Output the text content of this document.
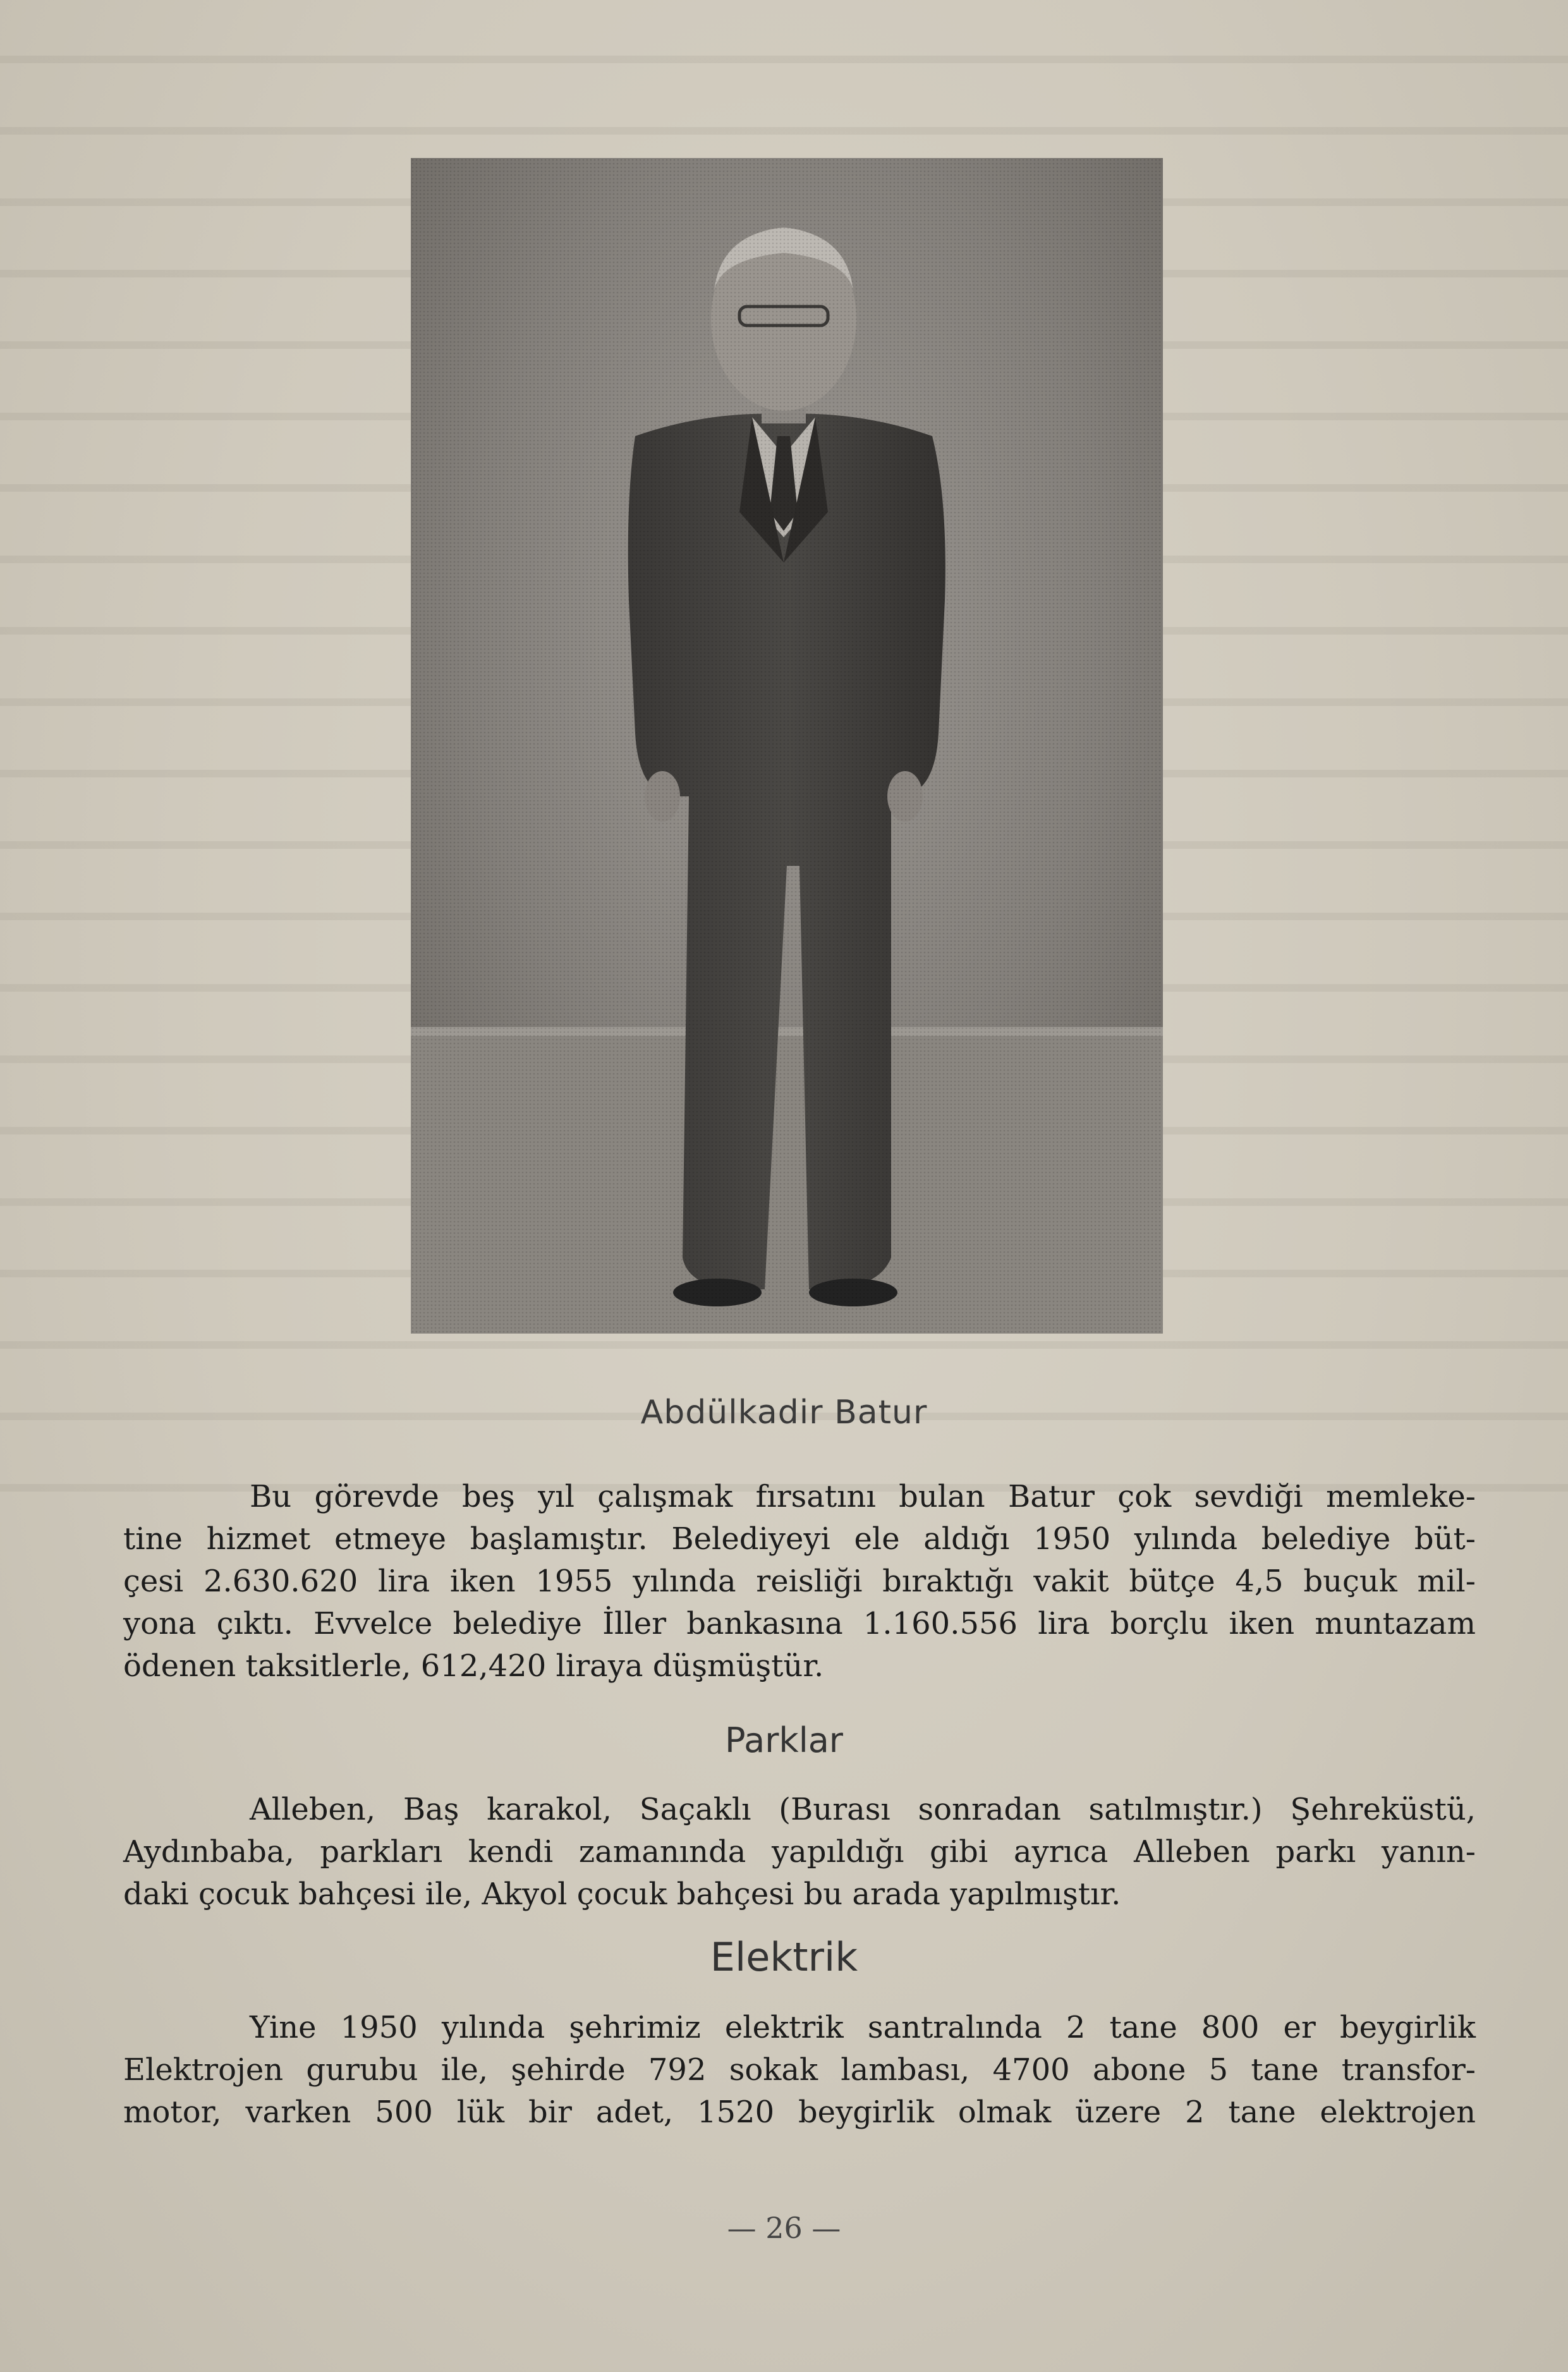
Abdülkadir Batur
Bu görevde beş yıl çalışmak fırsatını bulan Batur çok sevdiği memleke-
tine hizmet etmeye başlamıştır. Belediyeyi ele aldığı 1950 yılında belediye büt-
çesi 2.630.620 lira iken 1955 yılında reisliği bıraktığı vakit bütçe 4,5 buçuk mil-
yona çıktı. Evvelce belediye İller bankasına 1.160.556 lira borçlu iken muntazam
ödenen taksitlerle, 612,420 liraya düşmüştür.
Parklar
Alleben, Baş karakol, Saçaklı (Burası sonradan satılmıştır.) Şehreküstü,
Aydınbaba, parkları kendi zamanında yapıldığı gibi ayrıca Alleben parkı yanın-
daki çocuk bahçesi ile, Akyol çocuk bahçesi bu arada yapılmıştır.
Elektrik
Yine 1950 yılında şehrimiz elektrik santralında 2 tane 800 er beygirlik
Elektrojen gurubu ile, şehirde 792 sokak lambası, 4700 abone 5 tane transfor-
motor, varken 500 lük bir adet, 1520 beygirlik olmak üzere 2 tane elektrojen
— 26 —
